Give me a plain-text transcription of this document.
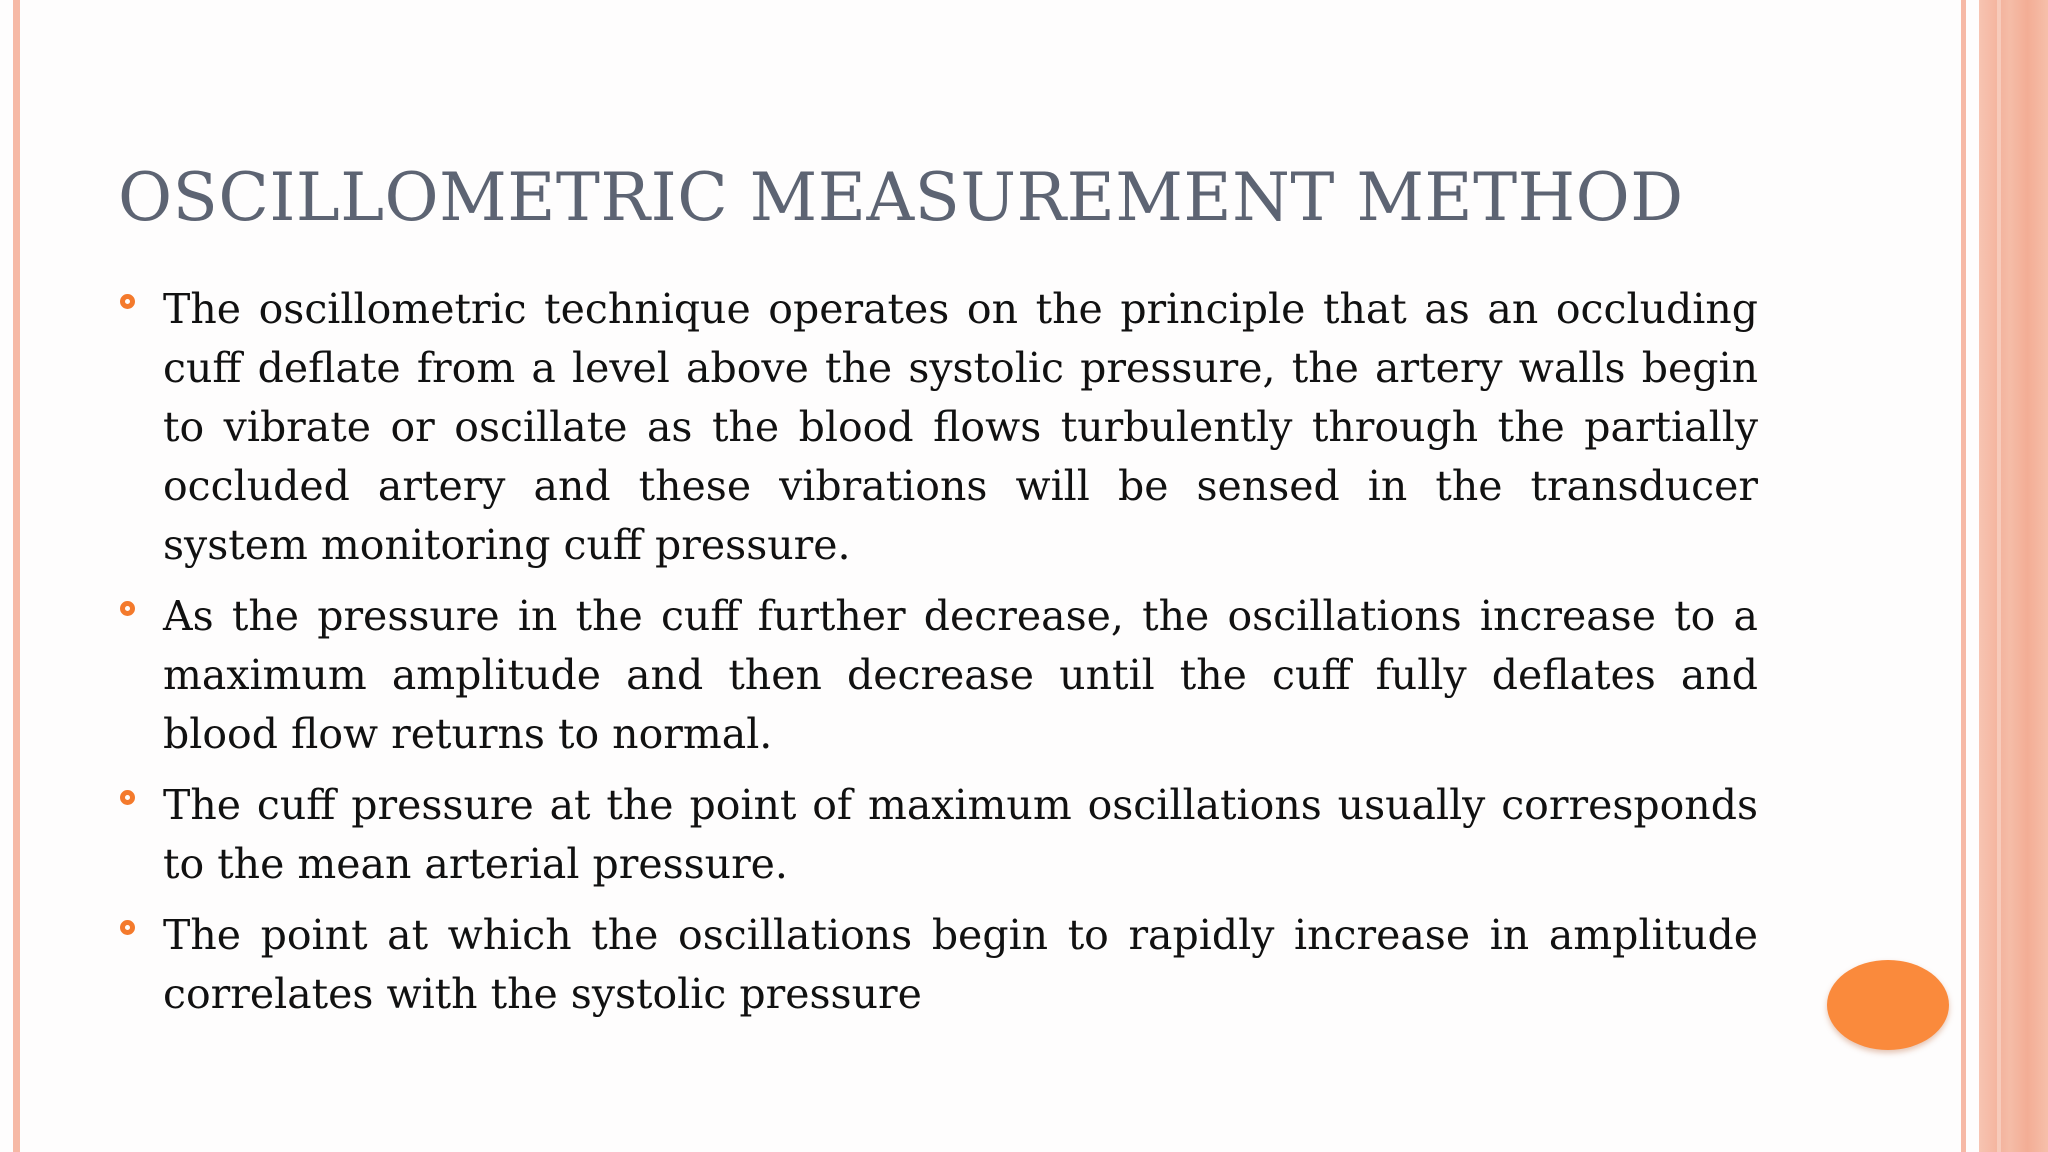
OSCILLOMETRIC MEASUREMENT METHOD
The oscillometric technique operates on the principle that as an occluding cuff deflate from a level above the systolic pressure, the artery walls begin to vibrate or oscillate as the blood flows turbulently through the partially occluded artery and these vibrations will be sensed in the transducer system monitoring cuff pressure.
As the pressure in the cuff further decrease, the oscillations increase to a maximum amplitude and then decrease until the cuff fully deflates and blood flow returns to normal.
The cuff pressure at the point of maximum oscillations usually corresponds to the mean arterial pressure.
The point at which the oscillations begin to rapidly increase in amplitude correlates with the systolic pressure
